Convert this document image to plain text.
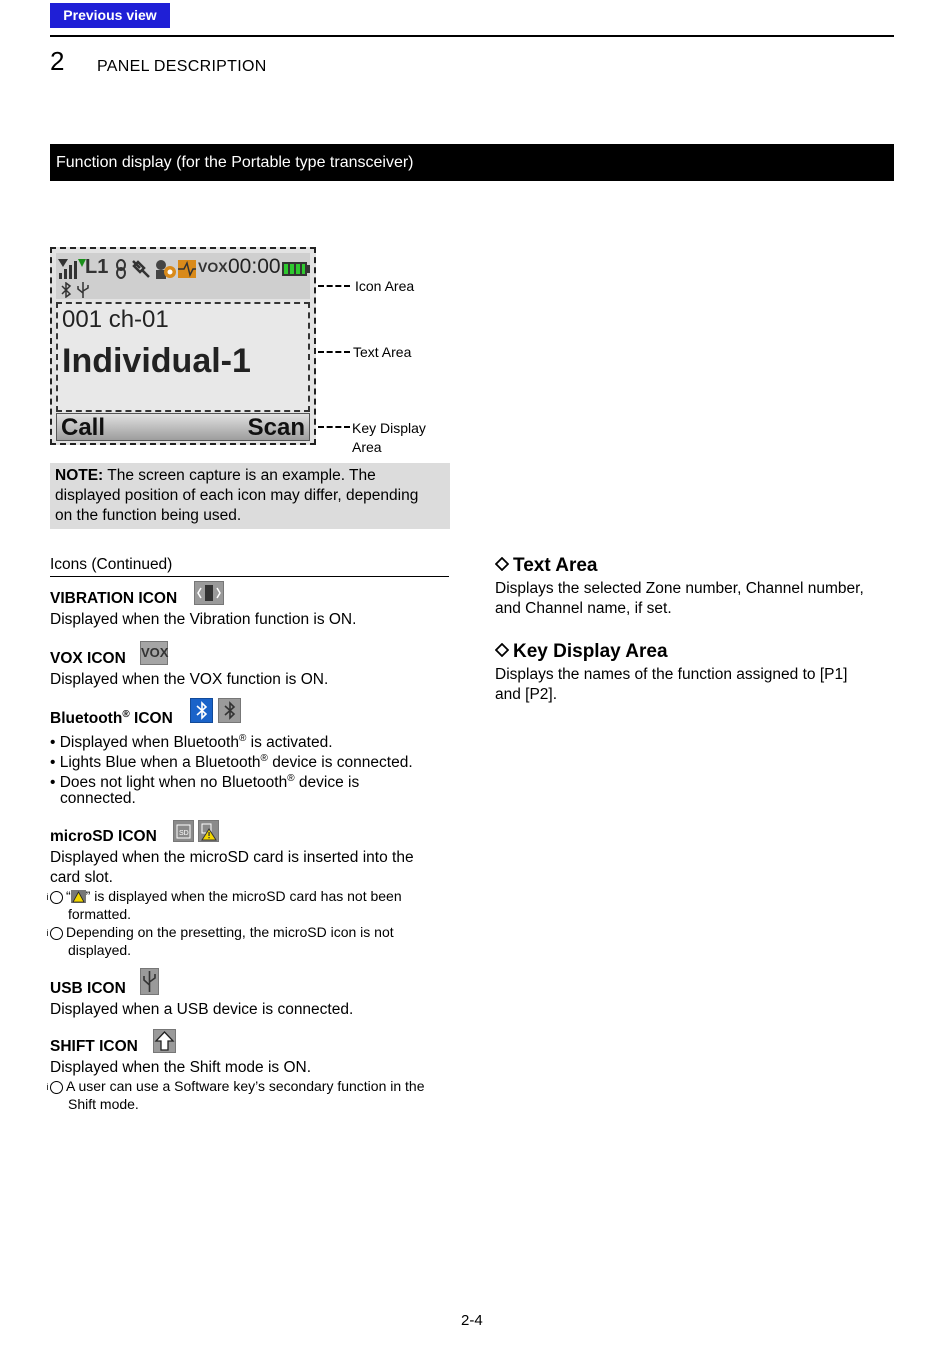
Previous view
2 PANEL DESCRIPTION
Function display (for the Portable type transceiver)
L1	VOX 00:00
001 ch-01
Individual-1
Call	Scan
Icon Area
Text Area
Key Display
Area
NOTE: The screen capture is an example. The
displayed position of each icon may differ, depending
on the function being used.
Icons (Continued)
VIBRATION ICON
Displayed when the Vibration function is ON.
VOX ICON VOX
Displayed when the VOX function is ON.
Bluetooth® ICON
• Displayed when Bluetooth® is activated.
• Lights Blue when a Bluetooth® device is connected.
• Does not light when no Bluetooth® device is
connected.
microSD ICON	SD
Displayed when the microSD card is inserted into the
card slot.
i “ ” is displayed when the microSD card has not been
formatted.
i Depending on the presetting, the microSD icon is not
displayed.
USB ICON
Displayed when a USB device is connected.
SHIFT ICON
Displayed when the Shift mode is ON.
i A user can use a Software key’s secondary function in the
Shift mode.
Text Area
Displays the selected Zone number, Channel number,
and Channel name, if set.
Key Display Area
Displays the names of the function assigned to [P1]
and [P2].
2-4
